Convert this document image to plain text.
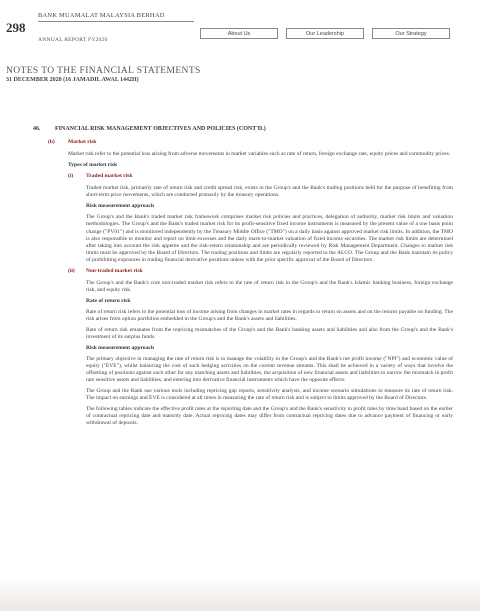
298
BANK MUAMALAT MALAYSIA BERHAD
ANNUAL REPORT FY2020
About Us	Our Leadership	Our Strategy
NOTES TO THE FINANCIAL STATEMENTS
31 DECEMBER 2020 (16 JAMADIL AWAL 1442H)
46.	FINANCIAL RISK MANAGEMENT OBJECTIVES AND POLICIES (CONT'D.)
(b)	Market risk

Market risk refer to the potential loss arising from adverse movements in market variables such as rate of return, foreign exchange rate, equity prices and commodity prices.

Types of market risk

(i)	Traded market risk

Traded market risk, primarily rate of return risk and credit spread risk, exists in the Group's and the Bank's trading positions held for the purpose of benefiting from short-term price movements, which are conducted primarily by the treasury operations.

Risk measurement approach

The Group's and the Bank's traded market risk framework comprises market risk policies and practices, delegation of authority, market risk limits and valuation methodologies. The Group's and the Bank's traded market risk for its profit-sensitive fixed income instruments is measured by the present value of a one basis point change ("PV01") and is monitored independently by the Treasury Middle Office ("TMO") on a daily basis against approved market risk limits. In addition, the TMO is also responsible to monitor and report on limit excesses and the daily mark-to-market valuation of fixed income securities. The market risk limits are determined after taking into account the risk appetite and the risk-return relationship and are periodically reviewed by Risk Management Department. Changes to market risk limits must be approved by the Board of Directors. The trading positions and limits are regularly reported to the ALCO. The Group and the Bank maintain its policy of prohibiting exposures in trading financial derivative positions unless with the prior specific approval of the Board of Directors.

(ii)	Non-traded market risk

The Group's and the Bank's core non-traded market risk refers to the rate of return risk in the Group's and the Bank's Islamic banking business, foreign exchange risk, and equity risk.

Rate of return risk

Rate of return risk refers to the potential loss of income arising from changes in market rates in regards to return on assets and on the returns payable on funding. The risk arises from option portfolios embedded in the Group's and the Bank's assets and liabilities.

Rate of return risk emanates from the repricing mismatches of the Group's and the Bank's banking assets and liabilities and also from the Group's and the Bank's investment of its surplus funds.

Risk measurement approach

The primary objective in managing the rate of return risk is to manage the volatility in the Group's and the Bank's net profit income ("NPI") and economic value of equity ("EVE"), whilst balancing the cost of such hedging activities on the current revenue streams. This shall be achieved in a variety of ways that involve the offsetting of positions against each other for any matching assets and liabilities, the acquisition of new financial assets and liabilities to narrow the mismatch in profit rate sensitive assets and liabilities, and entering into derivative financial instruments which have the opposite effects.

The Group and the Bank use various tools including repricing gap reports, sensitivity analysis, and income scenario simulations to measure its rate of return risk. The impact on earnings and EVE is considered at all times in measuring the rate of return risk and is subject to limits approved by the Board of Directors.

The following tables indicate the effective profit rates at the reporting date and the Group's and the Bank's sensitivity to profit rates by time band based on the earlier of contractual repricing date and maturity date. Actual repricing dates may differ from contractual repricing dates due to advance payment of financing or early withdrawal of deposits.
